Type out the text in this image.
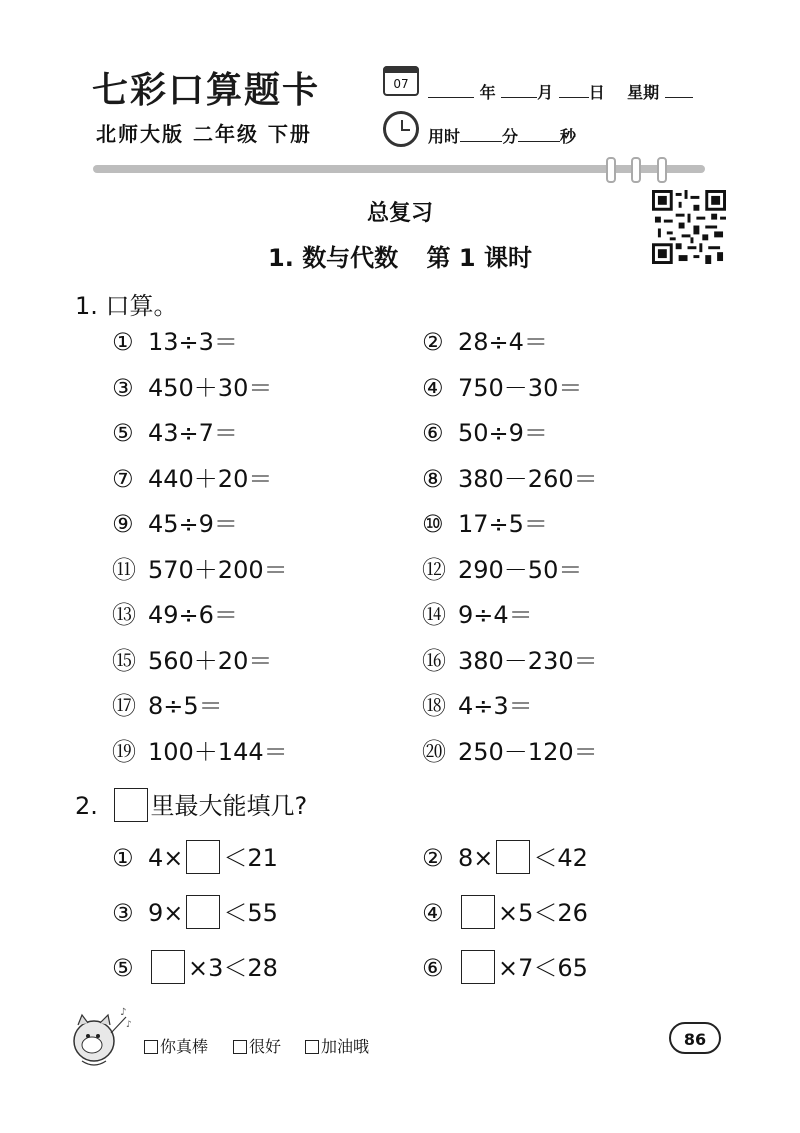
七彩口算题卡
北师大版 二年级 下册
07	年	月 日 星期
用时	分	秒
总复习
1. 数与代数 第 1 课时
1. 口算。
① 13÷3＝	② 28÷4＝
③ 450＋30＝	④ 750－30＝
⑤ 43÷7＝	⑥ 50÷9＝
⑦ 440＋20＝	⑧ 380－260＝
⑨ 45÷9＝	⑩ 17÷5＝
⑪ 570＋200＝	⑫ 290－50＝
⑬ 49÷6＝	⑭ 9÷4＝
⑮ 560＋20＝	⑯ 380－230＝
⑰ 8÷5＝	⑱ 4÷3＝
⑲ 100＋144＝	⑳ 250－120＝
2. 里最大能填几?
① 4× ＜21	② 8× ＜42
③ 9× ＜55	④ ×5＜26
⑤ ×3＜28	⑥ ×7＜65
♪
♪
你真棒	很好	加油哦	86
